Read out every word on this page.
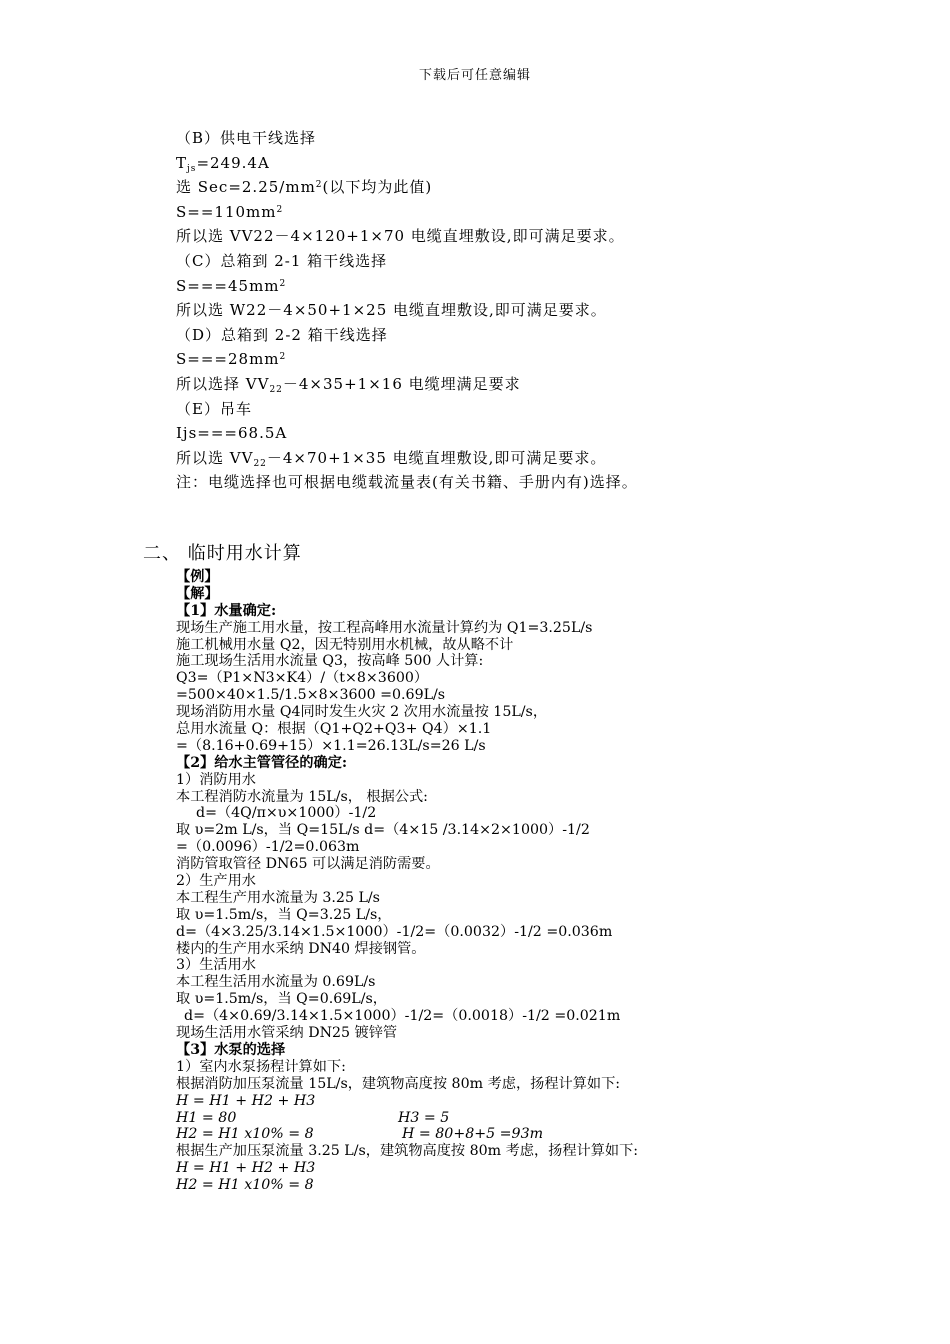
下载后可任意编辑
（B）供电干线选择
$T_{js}=249.4A$
选 $Sec=2.25/mm^2$(以下均为此值)
$S==110mm^2$
所以选 VV22－4×120+1×70 电缆直埋敷设,即可满足要求。
（C）总箱到 2-1 箱干线选择
$S===45mm^2$
所以选 W22－4×50+1×25 电缆直埋敷设,即可满足要求。
（D）总箱到 2-2 箱干线选择
$S===28mm^2$
所以选择 $VV_{22}-4\times 35+1\times 16$ 电缆埋满足要求
（E）吊车
Ijs===68.5A
所以选 $VV_{22}-4\times 70+1\times 35$ 电缆直埋敷设,即可满足要求。
注：电缆选择也可根据电缆载流量表(有关书籍、手册内有)选择。
二、 临时用水计算
【例】
【解】
【1】水量确定:
现场生产施工用水量，按工程高峰用水流量计算约为 Q1=3.25L/s
施工机械用水量 Q2，因无特别用水机械，故从略不计
施工现场生活用水流量 Q3，按高峰 500 人计算:
Q3=（P1×N3×K4）/（t×8×3600）
=500×40×1.5/1.5×8×3600 =0.69L/s
现场消防用水量 Q4同时发生火灾 2 次用水流量按 15L/s，
总用水流量 Q：根据（Q1+Q2+Q3+ Q4）×1.1
=（8.16+0.69+15）×1.1=26.13L/s=26 L/s
【2】给水主管管径的确定:
1）消防用水
本工程消防水流量为 15L/s， 根据公式:
d=（4Q/π×υ×1000）-1/2
取 υ=2m L/s，当 Q=15L/s d=（4×15 /3.14×2×1000）-1/2
=（0.0096）-1/2=0.063m
消防管取管径 DN65 可以满足消防需要。
2）生产用水
本工程生产用水流量为 3.25 L/s
取 υ=1.5m/s，当 Q=3.25 L/s，
d=（4×3.25/3.14×1.5×1000）-1/2=（0.0032）-1/2 =0.036m
楼内的生产用水采纳 DN40 焊接钢管。
3）生活用水
本工程生活用水流量为 0.69L/s
取 υ=1.5m/s，当 Q=0.69L/s，
d=（4×0.69/3.14×1.5×1000）-1/2=（0.0018）-1/2 =0.021m
现场生活用水管采纳 DN25 镀锌管
【3】水泵的选择
1）室内水泵扬程计算如下:
根据消防加压泵流量 15L/s，建筑物高度按 80m 考虑，扬程计算如下:
H = H1 + H2 + H3
H1 = 80	H3 = 5
H2 = H1 x10% = 8	H = 80+8+5 =93m
根据生产加压泵流量 3.25 L/s，建筑物高度按 80m 考虑，扬程计算如下:
H = H1 + H2 + H3
H2 = H1 x10% = 8
